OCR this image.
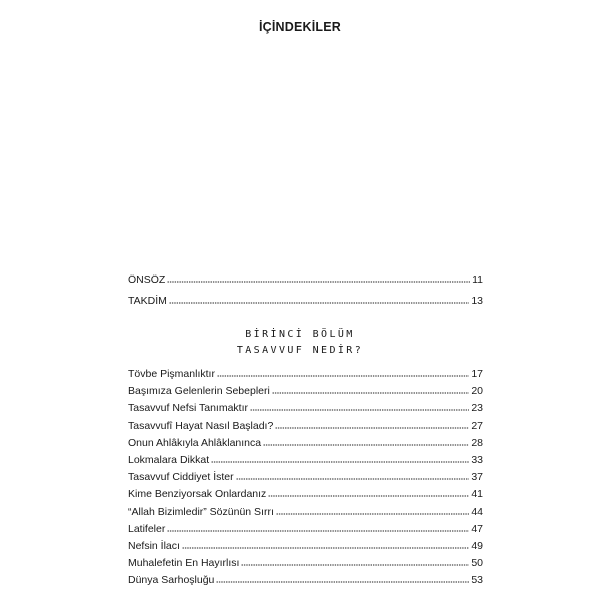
İÇİNDEKİLER
ÖNSÖZ	11
TAKDİM	13
BİRİNCİ BÖLÜM
TASAVVUF NEDİR?
Tövbe Pişmanlıktır	17
Başımıza Gelenlerin Sebepleri	20
Tasavvuf Nefsi Tanımaktır	23
Tasavvufî Hayat Nasıl Başladı?	27
Onun Ahlâkıyla Ahlâklanınca	28
Lokmalara Dikkat	33
Tasavvuf Ciddiyet İster	37
Kime Benziyorsak Onlardanız	41
“Allah Bizimledir” Sözünün Sırrı	44
Latifeler	47
Nefsin İlacı	49
Muhalefetin En Hayırlısı	50
Dünya Sarhoşluğu	53
